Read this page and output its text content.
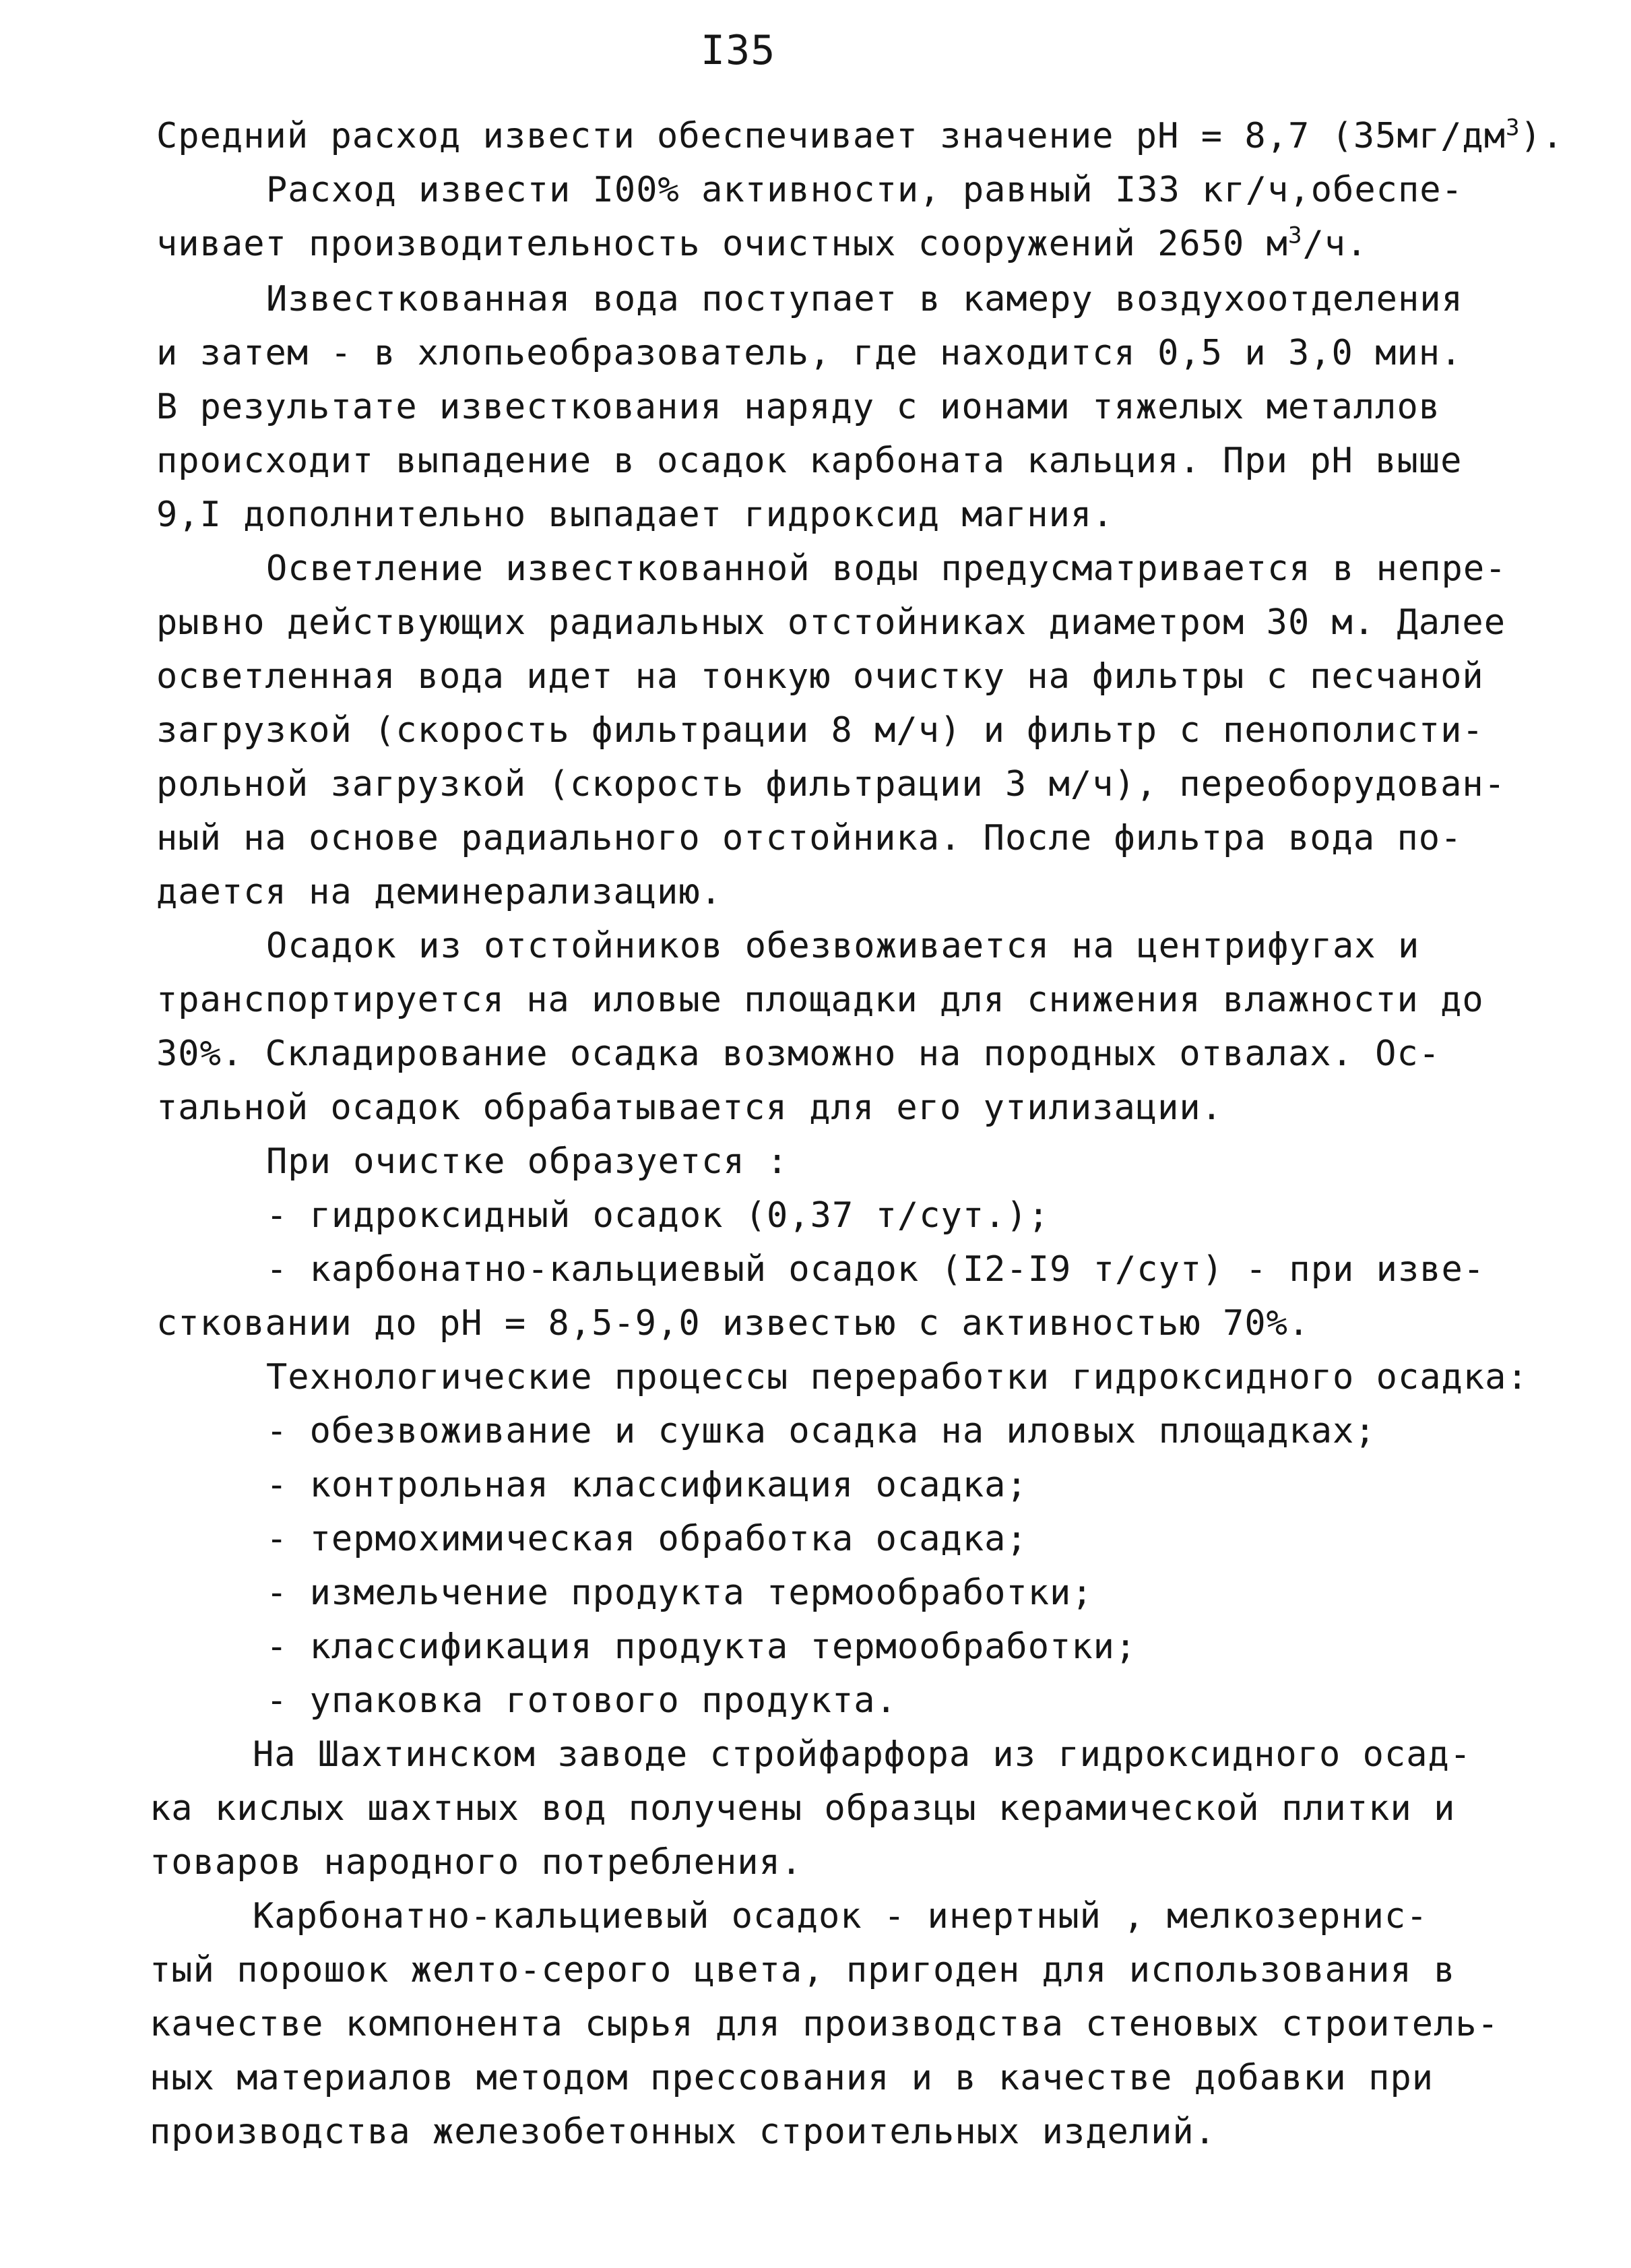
I35
Средний расход извести обеспечивает значение pH = 8,7 $(35мг/дм^3)$.
Расход извести I00% активности, равный I33 кг/ч,обеспе-
чивает производительность очистных сооружений 2650 $м^3/ч$.
Известкованная вода поступает в камеру воздухоотделения
и затем - в хлопьеобразователь, где находится 0,5 и 3,0 мин.
В результате известкования наряду с ионами тяжелых металлов
происходит выпадение в осадок карбоната кальция. При pH выше
9,I дополнительно выпадает гидроксид магния.
Осветление известкованной воды предусматривается в непре-
рывно действующих радиальных отстойниках диаметром 30 м. Далее
осветленная вода идет на тонкую очистку на фильтры с песчаной
загрузкой (скорость фильтрации 8 м/ч) и фильтр с пенополисти-
рольной загрузкой (скорость фильтрации 3 м/ч), переоборудован-
ный на основе радиального отстойника. После фильтра вода по-
дается на деминерализацию.
Осадок из отстойников обезвоживается на центрифугах и
транспортируется на иловые площадки для снижения влажности до
30%. Складирование осадка возможно на породных отвалах. Ос-
тальной осадок обрабатывается для его утилизации.
При очистке образуется :
- гидроксидный осадок (0,37 т/сут.);
- карбонатно-кальциевый осадок (I2-I9 т/сут) - при изве-
стковании до pH = 8,5-9,0 известью с активностью 70%.
Технологические процессы переработки гидроксидного осадка:
- обезвоживание и сушка осадка на иловых площадках;
- контрольная классификация осадка;
- термохимическая обработка осадка;
- измельчение продукта термообработки;
- классификация продукта термообработки;
- упаковка готового продукта.
На Шахтинском заводе стройфарфора из гидроксидного осад-
ка кислых шахтных вод получены образцы керамической плитки и
товаров народного потребления.
Карбонатно-кальциевый осадок - инертный , мелкозернис-
тый порошок желто-серого цвета, пригоден для использования в
качестве компонента сырья для производства стеновых строитель-
ных материалов методом прессования и в качестве добавки при
производства железобетонных строительных изделий.
